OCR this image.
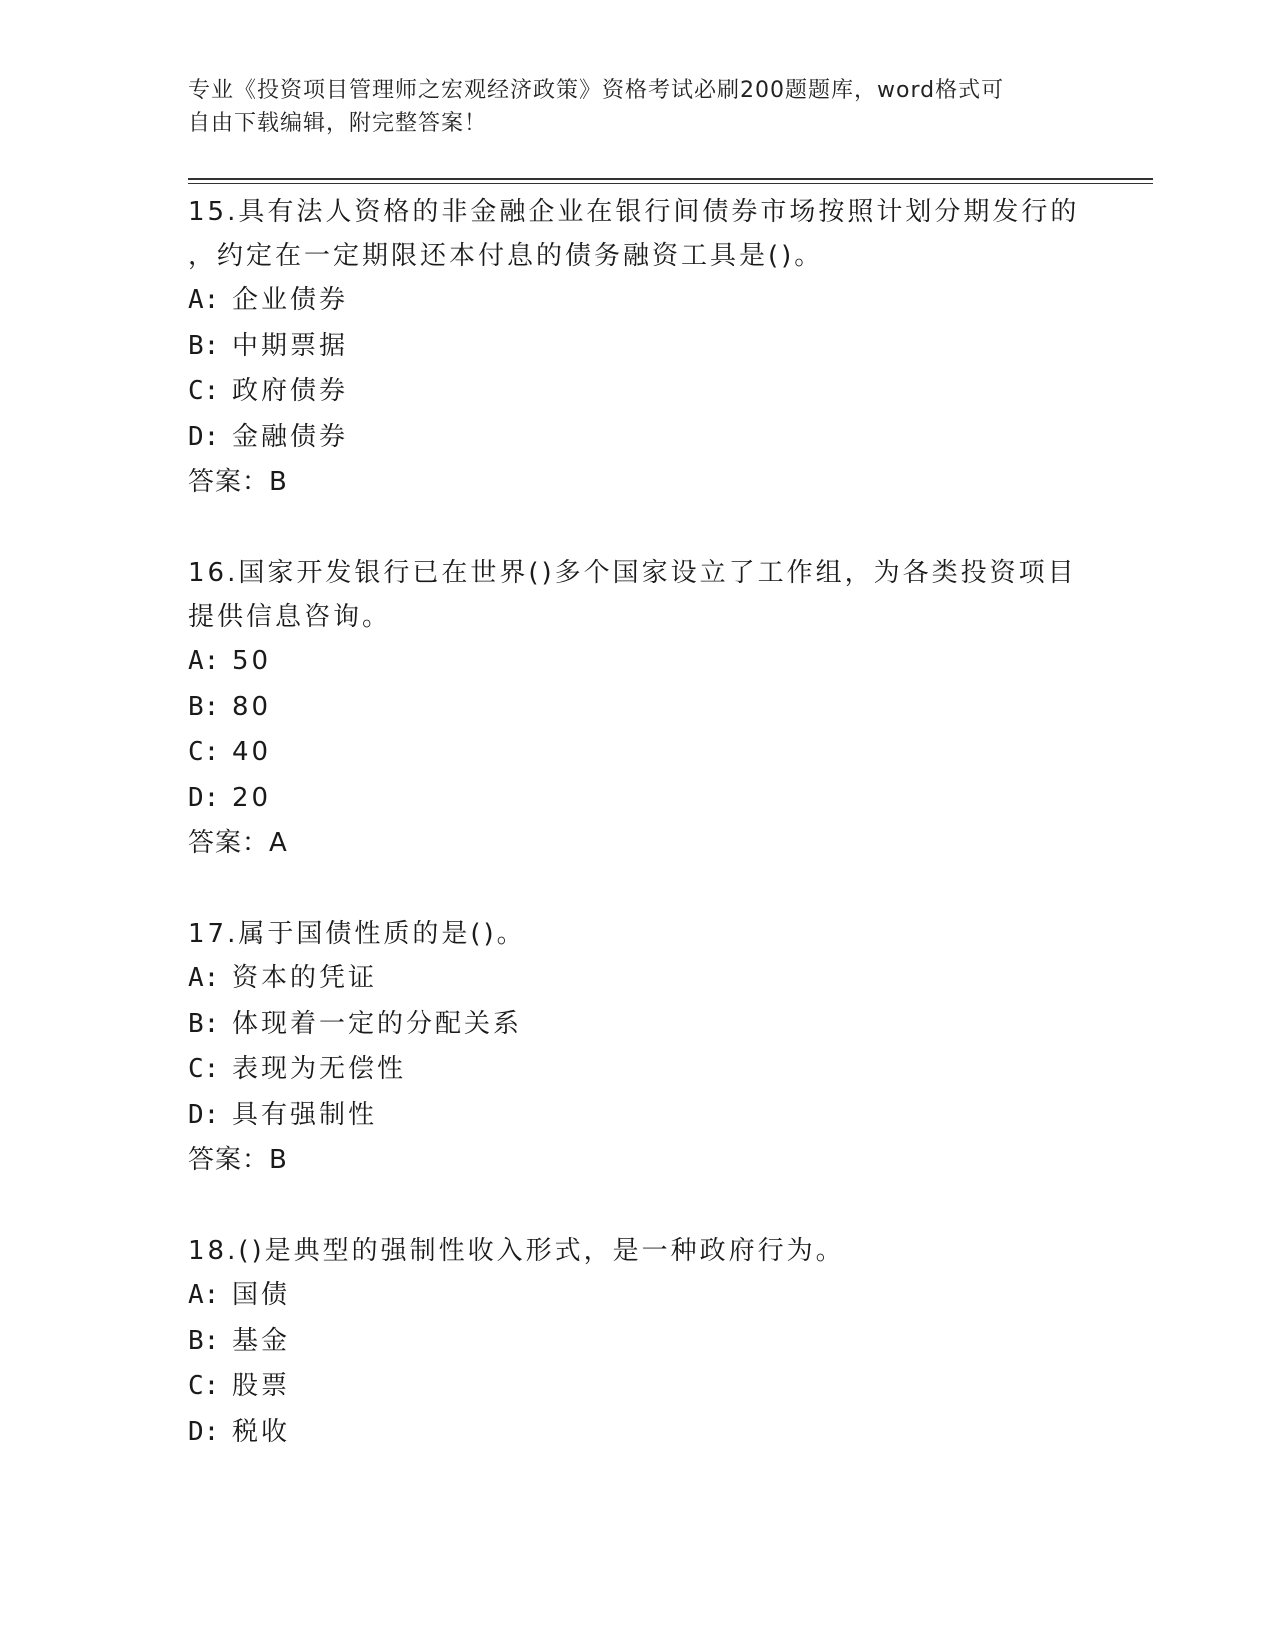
专业《投资项目管理师之宏观经济政策》资格考试必刷200题题库，word格式可
自由下载编辑，附完整答案！
15.具有法人资格的非金融企业在银行间债券市场按照计划分期发行的
，约定在一定期限还本付息的债务融资工具是()。
A: 企业债券
B: 中期票据
C: 政府债券
D: 金融债券
答案：B
16.国家开发银行已在世界()多个国家设立了工作组，为各类投资项目
提供信息咨询。
A: 50
B: 80
C: 40
D: 20
答案：A
17.属于国债性质的是()。
A: 资本的凭证
B: 体现着一定的分配关系
C: 表现为无偿性
D: 具有强制性
答案：B
18.()是典型的强制性收入形式，是一种政府行为。
A: 国债
B: 基金
C: 股票
D: 税收
